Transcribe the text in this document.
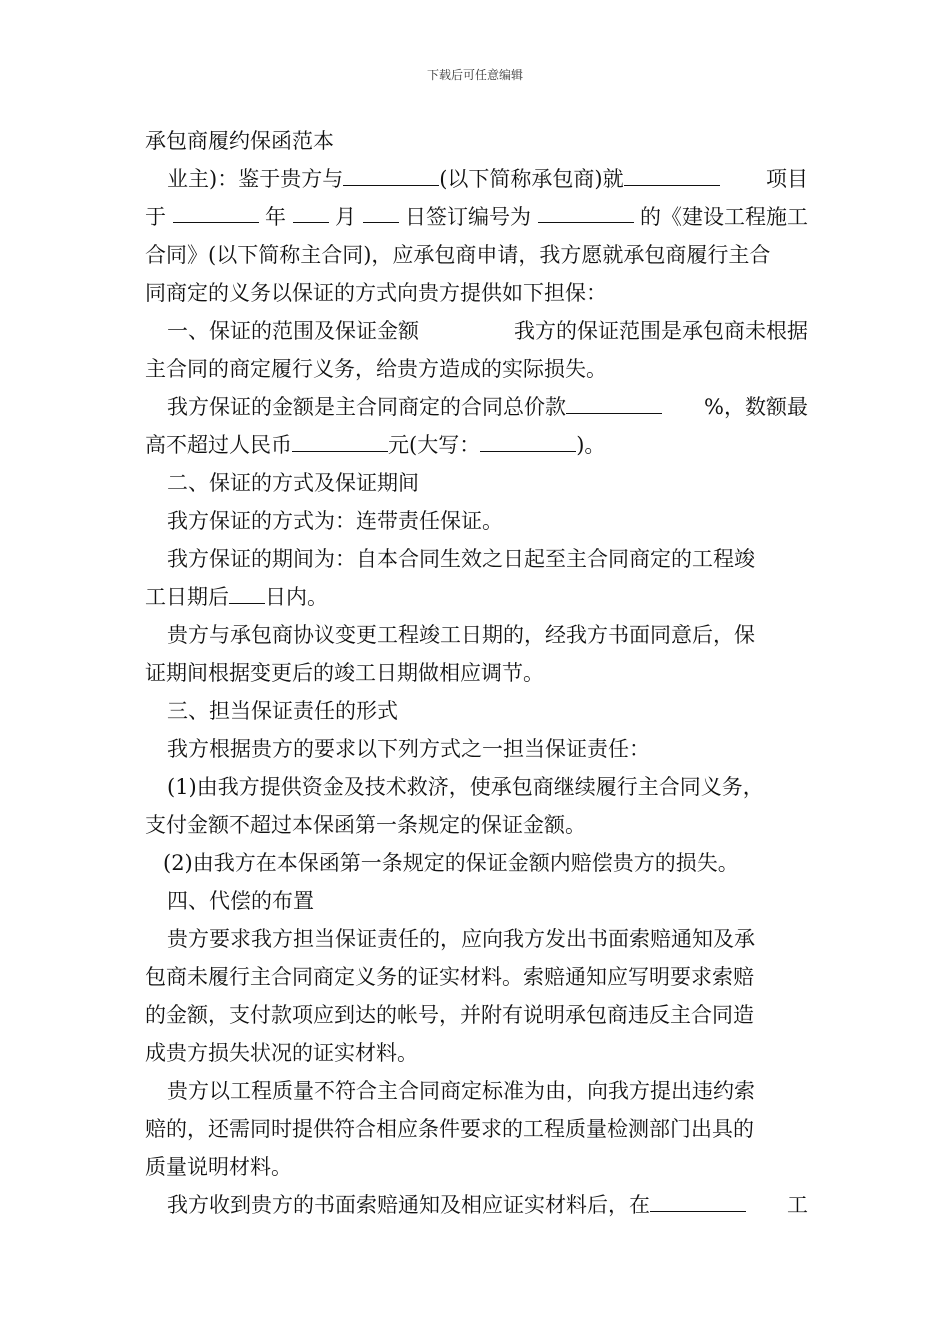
下载后可任意编辑
承包商履约保函范本
业主)：鉴于贵方与	(以下简称承包商)就	项目
于	年 月 日签订编号为	的《建设工程施工
合同》(以下简称主合同)，应承包商申请，我方愿就承包商履行主合
同商定的义务以保证的方式向贵方提供如下担保：
一、保证的范围及保证金额	我方的保证范围是承包商未根据
主合同的商定履行义务，给贵方造成的实际损失。
我方保证的金额是主合同商定的合同总价款	%，数额最
高不超过人民币	元(大写：	)。
二、保证的方式及保证期间
我方保证的方式为：连带责任保证。
我方保证的期间为：自本合同生效之日起至主合同商定的工程竣
工日期后 日内。
贵方与承包商协议变更工程竣工日期的，经我方书面同意后，保
证期间根据变更后的竣工日期做相应调节。
三、担当保证责任的形式
我方根据贵方的要求以下列方式之一担当保证责任：
(1)由我方提供资金及技术救济，使承包商继续履行主合同义务，
支付金额不超过本保函第一条规定的保证金额。
(2)由我方在本保函第一条规定的保证金额内赔偿贵方的损失。
四、代偿的布置
贵方要求我方担当保证责任的，应向我方发出书面索赔通知及承
包商未履行主合同商定义务的证实材料。索赔通知应写明要求索赔
的金额，支付款项应到达的帐号，并附有说明承包商违反主合同造
成贵方损失状况的证实材料。
贵方以工程质量不符合主合同商定标准为由，向我方提出违约索
赔的，还需同时提供符合相应条件要求的工程质量检测部门出具的
质量说明材料。
我方收到贵方的书面索赔通知及相应证实材料后，在	工
